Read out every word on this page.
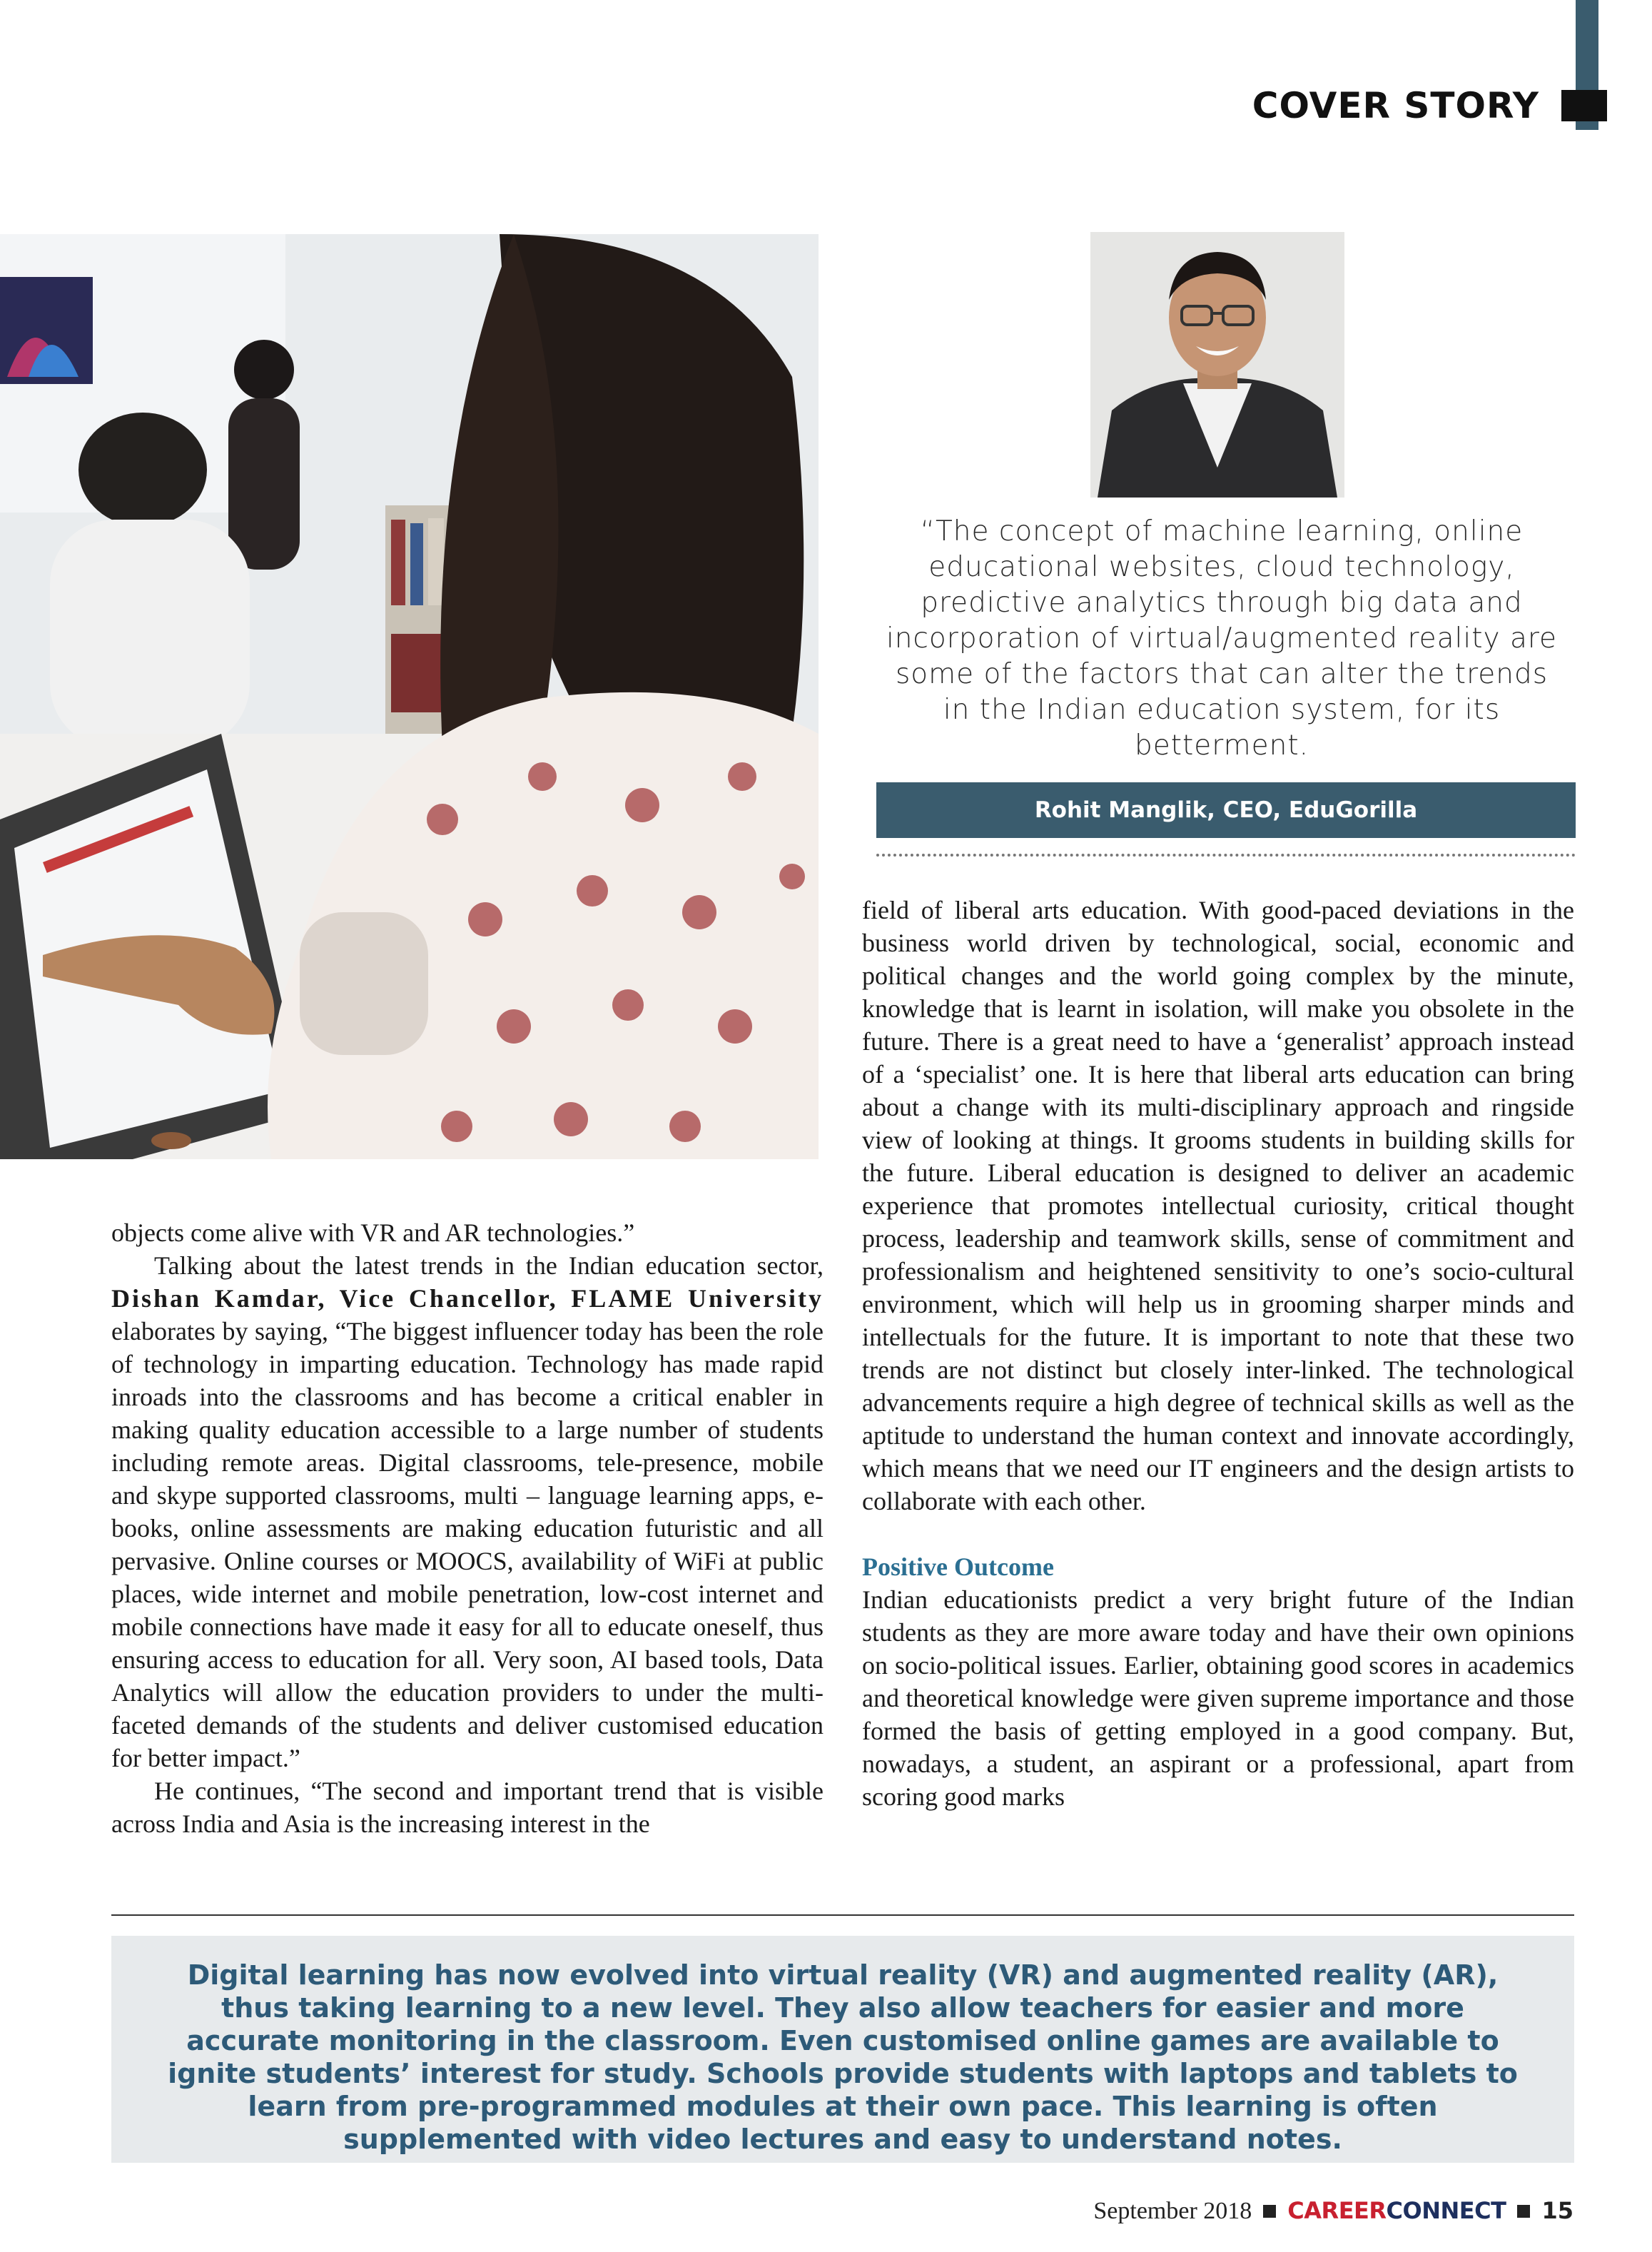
COVER STORY
“The concept of machine learning, online educational websites, cloud technology, predictive analytics through big data and incorporation of virtual/augmented reality are some of the factors that can alter the trends in the Indian education system, for its betterment.
Rohit Manglik, CEO, EduGorilla

field of liberal arts education. With good-paced deviations in the business world driven by technological, social, economic and political changes and the world going complex by the minute, knowledge that is learnt in isolation, will make you obsolete in the future. There is a great need to have a ‘generalist’ approach instead of a ‘specialist’ one. It is here that liberal arts education can bring about a change with its multi-disciplinary approach and ringside view of looking at things. It grooms students in building skills for the future. Liberal education is designed to deliver an academic experience that promotes intellectual curiosity, critical thought process, leadership and teamwork skills, sense of commitment and professionalism and heightened sensitivity to one’s socio-cultural environment, which will help us in grooming sharper minds and intellectuals for the future. It is important to note that these two trends are not distinct but closely inter-linked. The technological advancements require a high degree of technical skills as well as the aptitude to understand the human context and innovate accordingly, which means that we need our IT engineers and the design artists to collaborate with each other.

Positive Outcome

Indian educationists predict a very bright future of the Indian students as they are more aware today and have their own opinions on socio-political issues. Earlier, obtaining good scores in academics and theoretical knowledge were given supreme importance and those formed the basis of getting employed in a good company. But, nowadays, a student, an aspirant or a professional, apart from scoring good marks

objects come alive with VR and AR technologies.”

Talking about the latest trends in the Indian education sector, Dishan Kamdar, Vice Chancellor, FLAME University elaborates by saying, “The biggest influencer today has been the role of technology in imparting education. Technology has made rapid inroads into the classrooms and has become a critical enabler in making quality education accessible to a large number of students including remote areas. Digital classrooms, tele-presence, mobile and skype supported classrooms, multi – language learning apps, e-books, online assessments are making education futuristic and all pervasive. Online courses or MOOCS, availability of WiFi at public places, wide internet and mobile penetration, low-cost internet and mobile connections have made it easy for all to educate oneself, thus ensuring access to education for all. Very soon, AI based tools, Data Analytics will allow the education providers to under the multi- faceted demands of the students and deliver customised education for better impact.”

He continues, “The second and important trend that is visible across India and Asia is the increasing interest in the

Digital learning has now evolved into virtual reality (VR) and augmented reality (AR), thus taking learning to a new level. They also allow teachers for easier and more accurate monitoring in the classroom. Even customised online games are available to ignite students’ interest for study. Schools provide students with laptops and tablets to learn from pre-programmed modules at their own pace. This learning is often supplemented with video lectures and easy to understand notes.
September 2018 CAREERCONNECT 15
